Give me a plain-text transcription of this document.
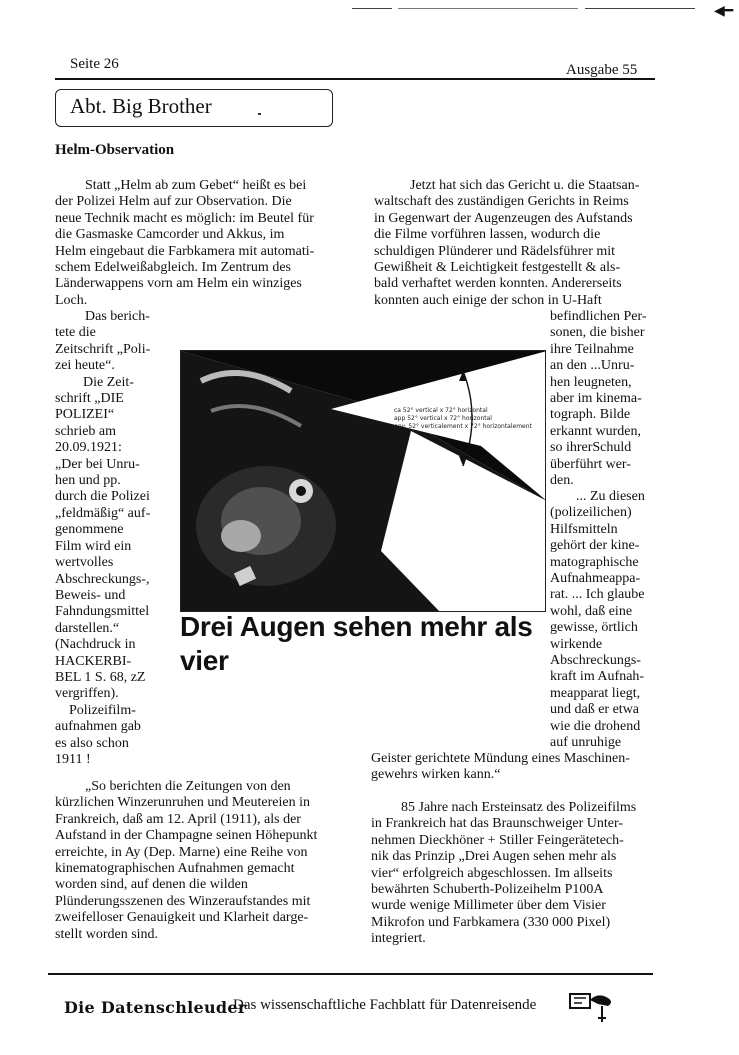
◀━
Seite 26	Ausgabe 55
Abt. Big Brother
Helm-Observation
Statt „Helm ab zum Gebet“ heißt es bei
der Polizei Helm auf zur Observation. Die
neue Technik macht es möglich: im Beutel für
die Gasmaske Camcorder und Akkus, im
Helm eingebaut die Farbkamera mit automati-
schem Edelweißabgleich. Im Zentrum des
Länderwappens vorn am Helm ein winziges
Loch.
Das berich-
tete die
Zeitschrift „Poli-
zei heute“.
Die Zeit-
schrift „DIE
POLIZEI“
schrieb am
20.09.1921:
„Der bei Unru-
hen und pp.
durch die Polizei
„feldmäßig“ auf-
genommene
Film wird ein
wertvolles
Abschreckungs-,
Beweis- und
Fahndungsmittel
darstellen.“
(Nachdruck in
HACKERBI-
BEL 1 S. 68, zZ
vergriffen).
Polizeifilm-
aufnahmen gab
es also schon
1911 !
„So berichten die Zeitungen von den
kürzlichen Winzerunruhen und Meutereien in
Frankreich, daß am 12. April (1911), als der
Aufstand in der Champagne seinen Höhepunkt
erreichte, in Ay (Dep. Marne) eine Reihe von
kinematographischen Aufnahmen gemacht
worden sind, auf denen die wilden
Plünderungsszenen des Winzeraufstandes mit
zweifelloser Genauigkeit und Klarheit darge-
stellt worden sind.
Jetzt hat sich das Gericht u. die Staatsan-
waltschaft des zuständigen Gerichts in Reims
in Gegenwart der Augenzeugen des Aufstands
die Filme vorführen lassen, wodurch die
schuldigen Plünderer und Rädelsführer mit
Gewißheit & Leichtigkeit festgestellt & als-
bald verhaftet werden konnten. Andererseits
konnten auch einige der schon in U-Haft
befindlichen Per-
sonen, die bisher
ihre Teilnahme
an den ...Unru-
hen leugneten,
aber im kinema-
tograph. Bilde
erkannt wurden,
so ihrerSchuld
überführt wer-
den.
... Zu diesen
(polizeilichen)
Hilfsmitteln
gehört der kine-
matographische
Aufnahmeappa-
rat. ... Ich glaube
wohl, daß eine
gewisse, örtlich
wirkende
Abschreckungs-
kraft im Aufnah-
meapparat liegt,
und daß er etwa
wie die drohend
auf unruhige
Geister gerichtete Mündung eines Maschinen-
gewehrs wirken kann.“
85 Jahre nach Ersteinsatz des Polizeifilms
in Frankreich hat das Braunschweiger Unter-
nehmen Dieckhöner + Stiller Feingerätetech-
nik das Prinzip „Drei Augen sehen mehr als
vier“ erfolgreich abgeschlossen. Im allseits
bewährten Schuberth-Polizeihelm P100A
wurde wenige Millimeter über dem Visier
Mikrofon und Farbkamera (330 000 Pixel)
integriert.
ca 52° vertical x 72° horizontal
app 52° vertical x 72° horizontal
env. 52° verticalement x 72° horizontalement
Drei Augen sehen mehr als vier
Die Datenschleuder
Das wissenschaftliche Fachblatt für Datenreisende
